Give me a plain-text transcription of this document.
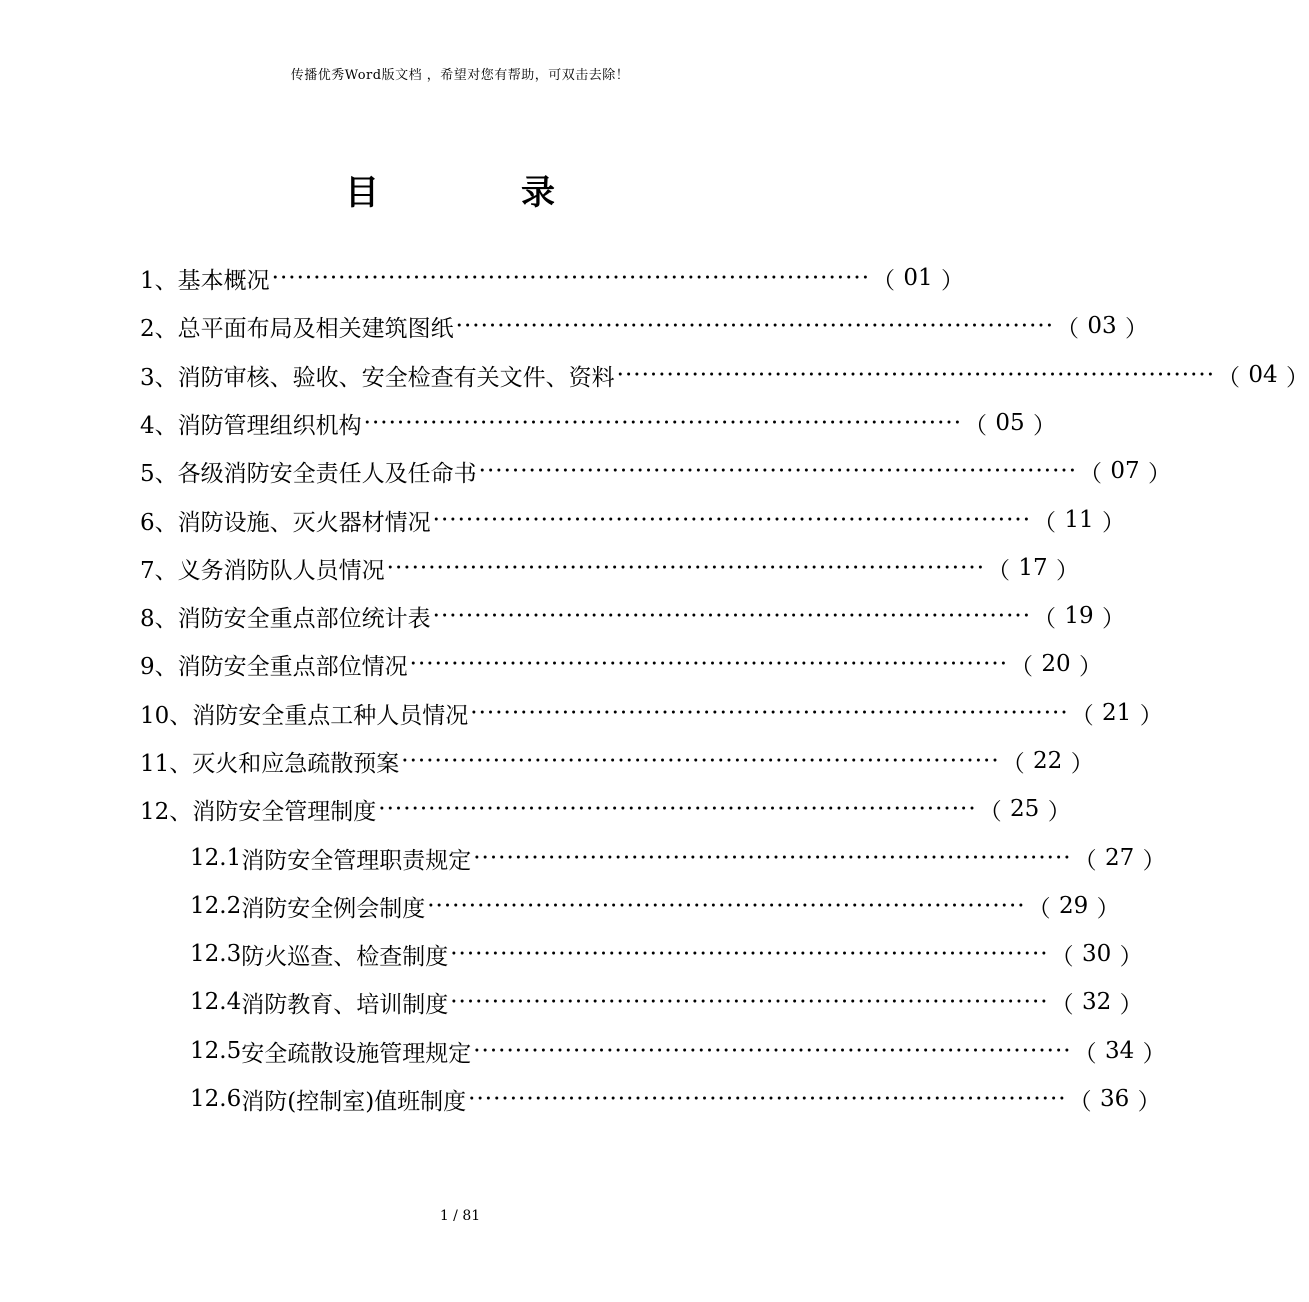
传播优秀Word版文档 ，希望对您有帮助，可双击去除！
目	录
1、 基本概况 ········································································ （ 01 ）
2、 总平面布局及相关建筑图纸 ········································································ （ 03 ）
3、 消防审核、验收、安全检查有关文件、资料 ········································································ （ 04 ）
4、 消防管理组织机构 ········································································ （ 05 ）
5、 各级消防安全责任人及任命书 ········································································ （ 07 ）
6、 消防设施、灭火器材情况 ········································································ （ 11 ）
7、 义务消防队人员情况 ········································································ （ 17 ）
8、 消防安全重点部位统计表 ········································································ （ 19 ）
9、 消防安全重点部位情况 ········································································ （ 20 ）
10、 消防安全重点工种人员情况 ········································································ （ 21 ）
11、 灭火和应急疏散预案 ········································································ （ 22 ）
12、 消防安全管理制度 ········································································ （ 25 ）
12.1 消防安全管理职责规定 ········································································ （ 27 ）
12.2 消防安全例会制度 ········································································ （ 29 ）
12.3 防火巡查、检查制度 ········································································ （ 30 ）
12.4 消防教育、培训制度 ········································································ （ 32 ）
12.5 安全疏散设施管理规定 ········································································ （ 34 ）
12.6 消防(控制室)值班制度 ········································································ （ 36 ）
1 / 81
